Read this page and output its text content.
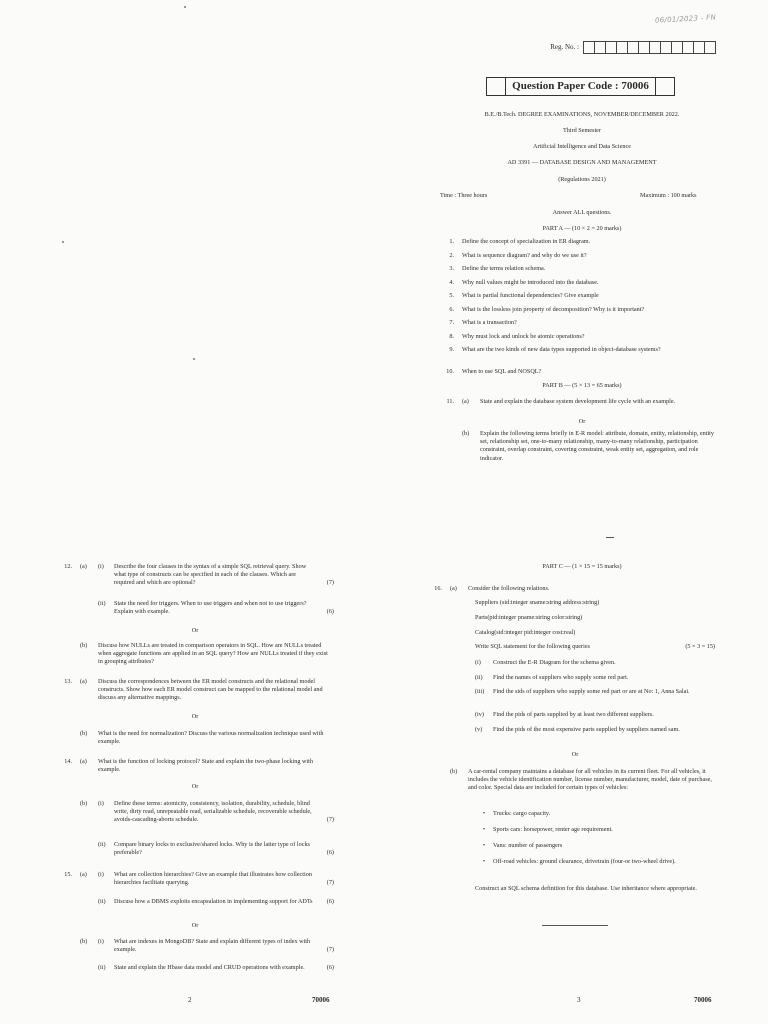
06/01/2023 - FN
Reg. No. :
Question Paper Code : 70006
B.E./B.Tech. DEGREE EXAMINATIONS, NOVEMBER/DECEMBER 2022.
Third Semester
Artificial Intelligence and Data Science
AD 3391 — DATABASE DESIGN AND MANAGEMENT
(Regulations 2021)
Time : Three hours	Maximum : 100 marks
Answer ALL questions.
PART A — (10 × 2 = 20 marks)
1.	Define the concept of specialization in ER diagram.
2.	What is sequence diagram? and why do we use it?
3.	Define the terms relation schema.
4.	Why null values might be introduced into the database.
5.	What is partial functional dependencies? Give example
6.	What is the lossless join property of decomposition? Why is it important?
7.	What is a transaction?
8.	Why must lock and unlock be atomic operations?
9.	What are the two kinds of new data types supported in object-database systems?
10.	When to use SQL and NOSQL?
PART B — (5 × 13 = 65 marks)
11.	(a)	State and explain the database system development life cycle with an example.
Or
(b)	Explain the following terms briefly in E-R model: attribute, domain, entity, relationship, entity set, relationship set, one-to-many relationship, many-to-many relationship, participation constraint, overlap constraint, covering constraint, weak entity set, aggregation, and role indicator.
12.	(a)	(i)	Describe the four clauses in the syntax of a simple SQL retrieval query. Show what type of constructs can be specified in each of the clauses. Which are required and which are optional?	(7)
(ii)	State the need for triggers. When to use triggers and when not to use triggers? Explain with example.	(6)
Or
(b)	Discuss how NULLs are treated in comparison operators in SQL. How are NULLs treated when aggregate functions are applied in an SQL query? How are NULLs treated if they exist in grouping attributes?
13.	(a)	Discuss the correspondences between the ER model constructs and the relational model constructs. Show how each ER model construct can be mapped to the relational model and discuss any alternative mappings.
Or
(b)	What is the need for normalization? Discuss the various normalization technique used with example.
14.	(a)	What is the function of locking protocol? State and explain the two-phase locking with example.
Or
(b)	(i)	Define these terms: atomicity, consistency, isolation, durability, schedule, blind write, dirty read, unrepeatable read, serializable schedule, recoverable schedule, avoids-cascading-aborts schedule.	(7)
(ii)	Compare binary locks to exclusive/shared locks. Why is the latter type of locks preferable?	(6)
15.	(a)	(i)	What are collection hierarchies? Give an example that illustrates how collection hierarchies facilitate querying.	(7)
(ii)	Discuss how a DBMS exploits encapsulation in implementing support for ADTs	(6)
Or
(b)	(i)	What are indexes in MongoDB? State and explain different types of index with example.	(7)
(ii)	State and explain the Hbase data model and CRUD operations with example.	(6)
2	70006
PART C — (1 × 15 = 15 marks)
16.	(a)	Consider the following relations.
Suppliers (sid:integer sname:string address:string)
Parts(pid:integer pname:string color:string)
Catalog(sid:integer pid:integer cost:real)
Write SQL statement for the following queries	(5 × 3 = 15)
(i)	Construct the E-R Diagram for the schema given.
(ii)	Find the names of suppliers who supply some red part.
(iii)	Find the sids of suppliers who supply some red part or are at No: 1, Anna Salai.
(iv)	Find the pids of parts supplied by at least two different suppliers.
(v)	Find the pids of the most expensive parts supplied by suppliers named sam.
Or
(b)	A car-rental company maintains a database for all vehicles in its current fleet. For all vehicles, it includes the vehicle identification number, license number, manufacturer, model, date of purchase, and color. Special data are included for certain types of vehicles:
•	Trucks: cargo capacity.
•	Sports cars: horsepower, renter age requirement.
•	Vans: number of passengers
•	Off-road vehicles: ground clearance, drivetrain (four-or two-wheel drive).
Construct an SQL schema definition for this database. Use inheritance where appropriate.
3	70006
